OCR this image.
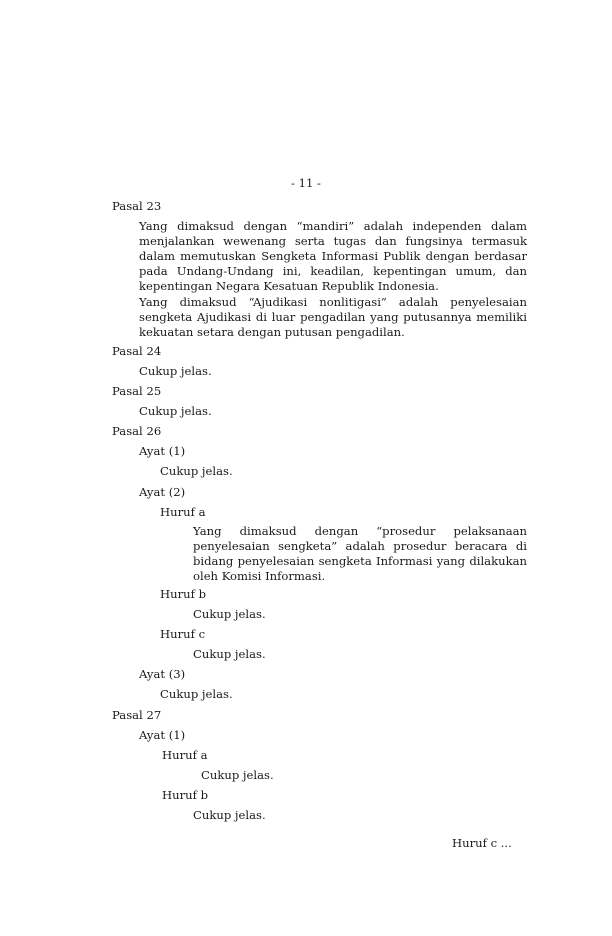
- 11 -
Pasal 23
Yang dimaksud dengan “mandiri” adalah independen dalam menjalankan wewenang serta tugas dan fungsinya termasuk dalam memutuskan Sengketa Informasi Publik dengan berdasar pada Undang-Undang ini, keadilan, kepentingan umum, dan kepentingan Negara Kesatuan Republik Indonesia.
Yang dimaksud “Ajudikasi nonlitigasi” adalah penyelesaian sengketa Ajudikasi di luar pengadilan yang putusannya memiliki kekuatan setara dengan putusan pengadilan.
Pasal 24
Cukup jelas.
Pasal 25
Cukup jelas.
Pasal 26
Ayat (1)
Cukup jelas.
Ayat (2)
Huruf a
Yang dimaksud dengan “prosedur pelaksanaan penyelesaian sengketa” adalah prosedur beracara di bidang penyelesaian sengketa Informasi yang dilakukan oleh Komisi Informasi.
Huruf b
Cukup jelas.
Huruf c
Cukup jelas.
Ayat (3)
Cukup jelas.
Pasal 27
Ayat (1)
Huruf a
Cukup jelas.
Huruf b
Cukup jelas.
Huruf c ...
